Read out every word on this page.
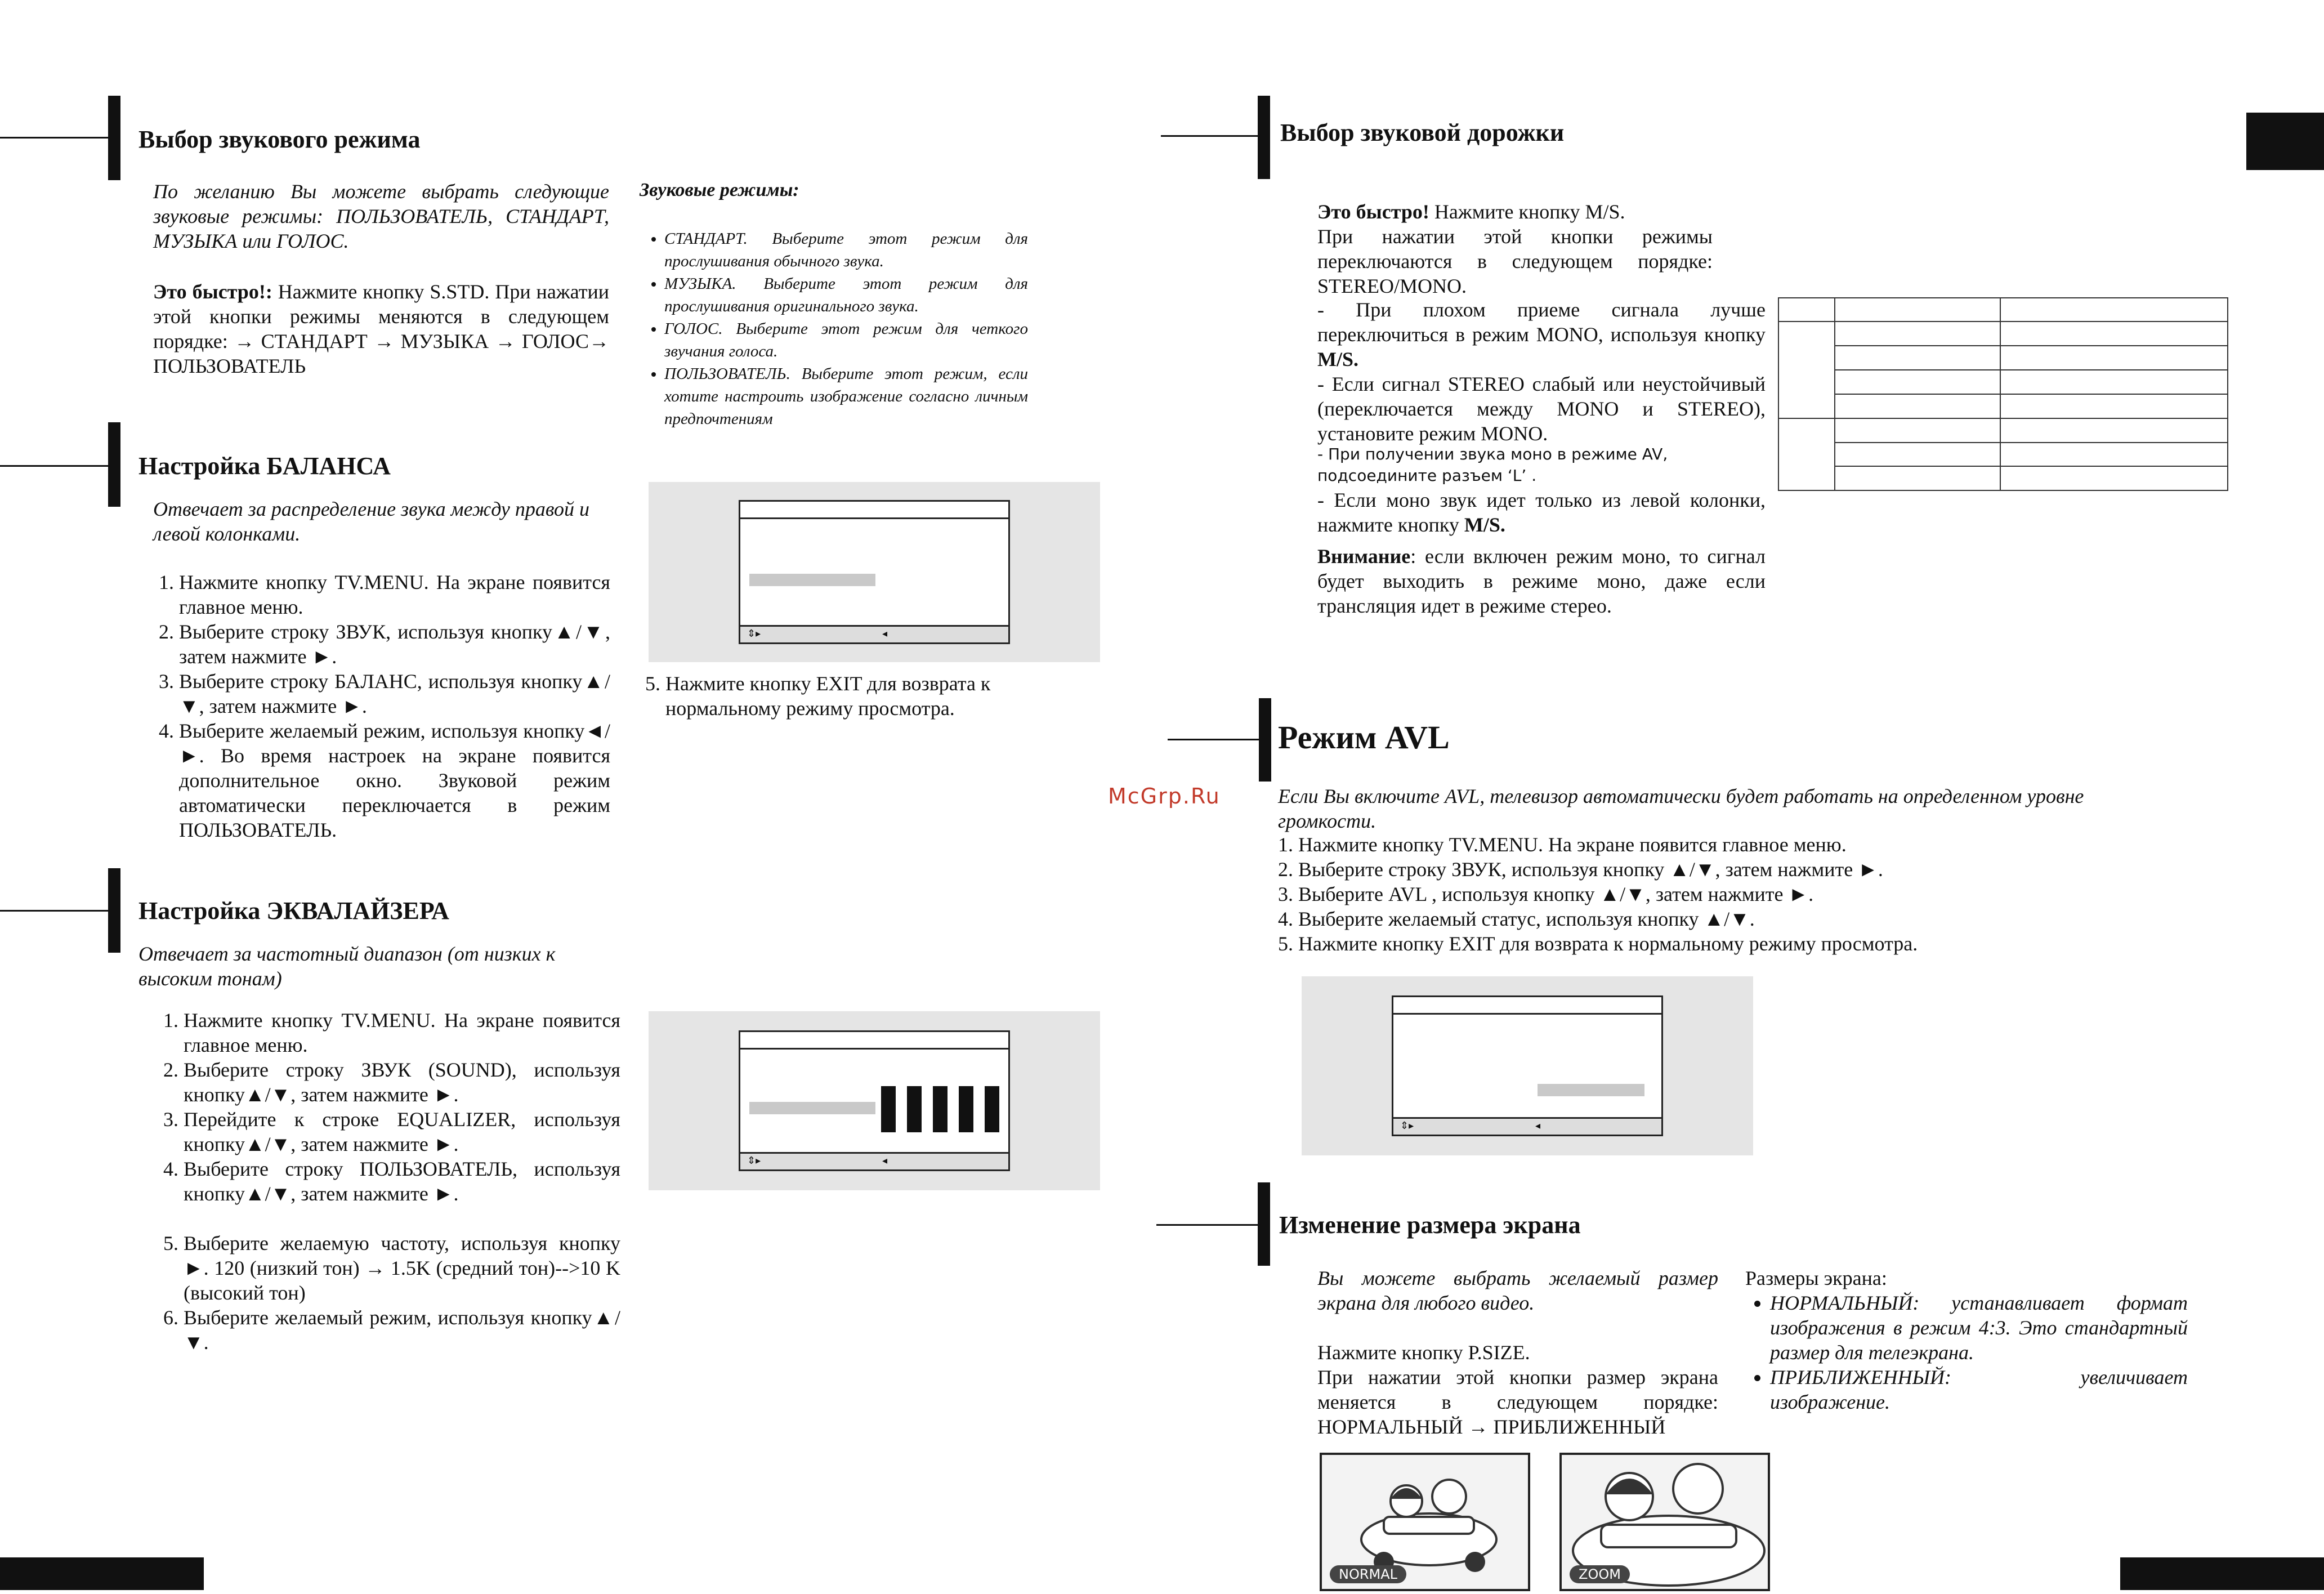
Выбор звукового режима
По желанию Вы можете выбрать следующие звуковые режимы: ПОЛЬЗОВАТЕЛЬ, СТАНДАРТ, МУЗЫКА или ГОЛОС.
Это быстро!: Нажмите кнопку S.STD. При нажатии этой кнопки режимы меняются в следующем порядке: → СТАНДАРТ → МУЗЫКА → ГОЛОС→ ПОЛЬЗОВАТЕЛЬ
Звуковые режимы:
• СТАНДАРТ. Выберите этот режим для прослушивания обычного звука.
• МУЗЫКА. Выберите этот режим для прослушивания оригинального звука.
• ГОЛОС. Выберите этот режим для четкого звучания голоса.
• ПОЛЬЗОВАТЕЛЬ. Выберите этот режим, если хотите настроить изображение согласно личным предпочтениям
Настройка БАЛАНСА
Отвечает за распределение звука между правой и левой колонками.
1. Нажмите кнопку TV.MENU. На экране появится главное меню.
2. Выберите строку ЗВУК, используя кнопку▲/▼, затем нажмите ►.
3. Выберите строку БАЛАНС, используя кнопку▲/▼, затем нажмите ►.
4. Выберите желаемый режим, используя кнопку◄/►. Во время настроек на экране появится дополнительное окно. Звуковой режим автоматически переключается в режим ПОЛЬЗОВАТЕЛЬ.
⇕▸	◂
5. Нажмите кнопку EXIT для возврата к нормальному режиму просмотра.
Настройка ЭКВАЛАЙЗЕРА
Отвечает за частотный диапазон (от низких к высоким тонам)
1. Нажмите кнопку TV.MENU. На экране появится главное меню.
2. Выберите строку ЗВУК (SOUND), используя кнопку▲/▼, затем нажмите ►.
3. Перейдите к строке EQUALIZER, используя кнопку▲/▼, затем нажмите ►.
4. Выберите строку ПОЛЬЗОВАТЕЛЬ, используя кнопку▲/▼, затем нажмите ►.
5. Выберите желаемую частоту, используя кнопку ►. 120 (низкий тон) → 1.5K (средний тон)-->10 K (высокий тон)
6. Выберите желаемый режим, используя кнопку▲/▼.
⇕▸	◂
McGrp.Ru
Выбор звуковой дорожки
Это быстро! Нажмите кнопку M/S.
При нажатии этой кнопки режимы переключаются в следующем порядке: STEREO/MONO.
- При плохом приеме сигнала лучше переключиться в режим MONO, используя кнопку M/S.
- Если сигнал STEREO слабый или неустойчивый (переключается между MONO и STEREO), установите режим MONO.
- При получении звука моно в режиме AV,
подсоедините разъем ‘L’ .
- Если моно звук идет только из левой колонки, нажмите кнопку M/S.
Внимание: если включен режим моно, то сигнал будет выходить в режиме моно, даже если трансляция идет в режиме стерео.

Режим AVL
Если Вы включите AVL, телевизор автоматически будет работать на определенном уровне громкости.
1. Нажмите кнопку TV.MENU. На экране появится главное меню.
2. Выберите строку ЗВУК, используя кнопку ▲/▼, затем нажмите ►.
3. Выберите AVL , используя кнопку ▲/▼, затем нажмите ►.
4. Выберите желаемый статус, используя кнопку ▲/▼.
5. Нажмите кнопку EXIT для возврата к нормальному режиму просмотра.
⇕▸	◂
Изменение размера экрана
Вы можете выбрать желаемый размер экрана для любого видео.
Нажмите кнопку P.SIZE.
При нажатии этой кнопки размер экрана меняется в следующем порядке: НОРМАЛЬНЫЙ → ПРИБЛИЖЕННЫЙ
Размеры экрана:
• НОРМАЛЬНЫЙ: устанавливает формат изображения в режим 4:3. Это стандартный размер для телеэкрана.
• ПРИБЛИЖЕННЫЙ: увеличивает изображение.
NORMAL	ZOOM
